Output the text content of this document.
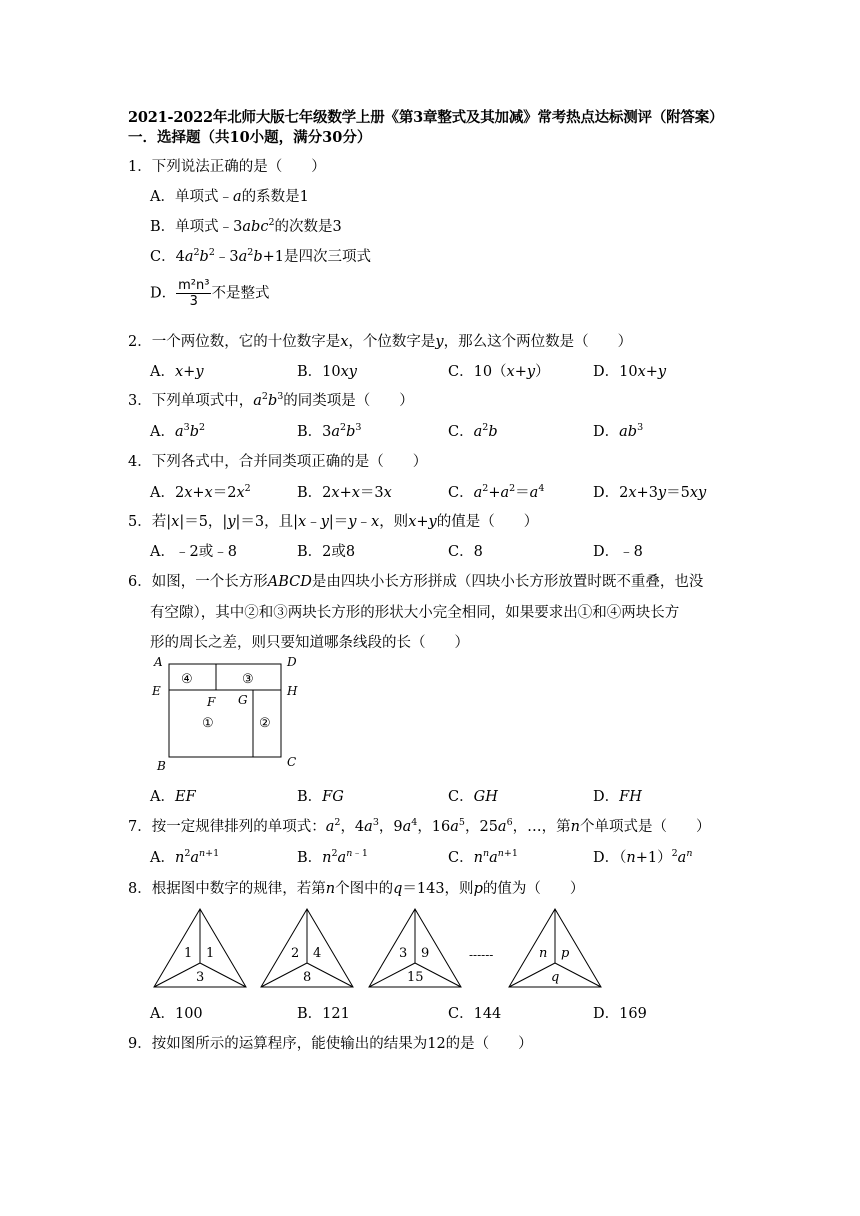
2021-2022年北师大版七年级数学上册《第3章整式及其加减》常考热点达标测评（附答案）
一．选择题（共10小题，满分30分）
1．下列说法正确的是（　　）
A．单项式﹣a的系数是1
B．单项式﹣3abc$^2$的次数是3
C．$4a^2b^2﹣3a^2b+1$是四次三项式
D． $\frac{\text{m²n³}}{3}$ 不是整式
2．一个两位数，它的十位数字是x，个位数字是y，那么这个两位数是（　　）
A．x+y	B．10xy	C．10（x+y）	D．10x+y
3．下列单项式中，$a^2b^3$的同类项是（　　）
A．$a^3b^2$	B．$3a^2b^3$	C．$a^2b$	D．$ab^3$
4．下列各式中，合并同类项正确的是（　　）
A．$2x+x=2x^2$	B．2x+x＝3x	C．$a^2+a^2=a^4$	D．2x+3y＝5xy
5．若|x|＝5，|y|＝3，且|x﹣y|＝y﹣x，则x+y的值是（　　）
A．﹣2或﹣8	B．2或8	C．8	D．﹣8
6．如图，一个长方形ABCD是由四块小长方形拼成（四块小长方形放置时既不重叠，也没
有空隙），其中②和③两块长方形的形状大小完全相同，如果要求出①和④两块长方
形的周长之差，则只要知道哪条线段的长（　　）
A	D
E	H
F G
B	C
④	③
①	②
A．EF	B．FG	C．GH	D．FH
7．按一定规律排列的单项式：$a^2$，$4a^3$，$9a^4$，$16a^5$，$25a^6$，…，第n个单项式是（　　）
A．$n^2a^{n+1}$	B．$n^2a^{n﹣1}$	C．$n^na^{n+1}$	D．$(n+1)^2a^n$
8．根据图中数字的规律，若第n个图中的q＝143，则p的值为（　　）
1 1
3
2 4
8
3 9
15
------	n p
q
A．100	B．121	C．144	D．169
9．按如图所示的运算程序，能使输出的结果为12的是（　　）
